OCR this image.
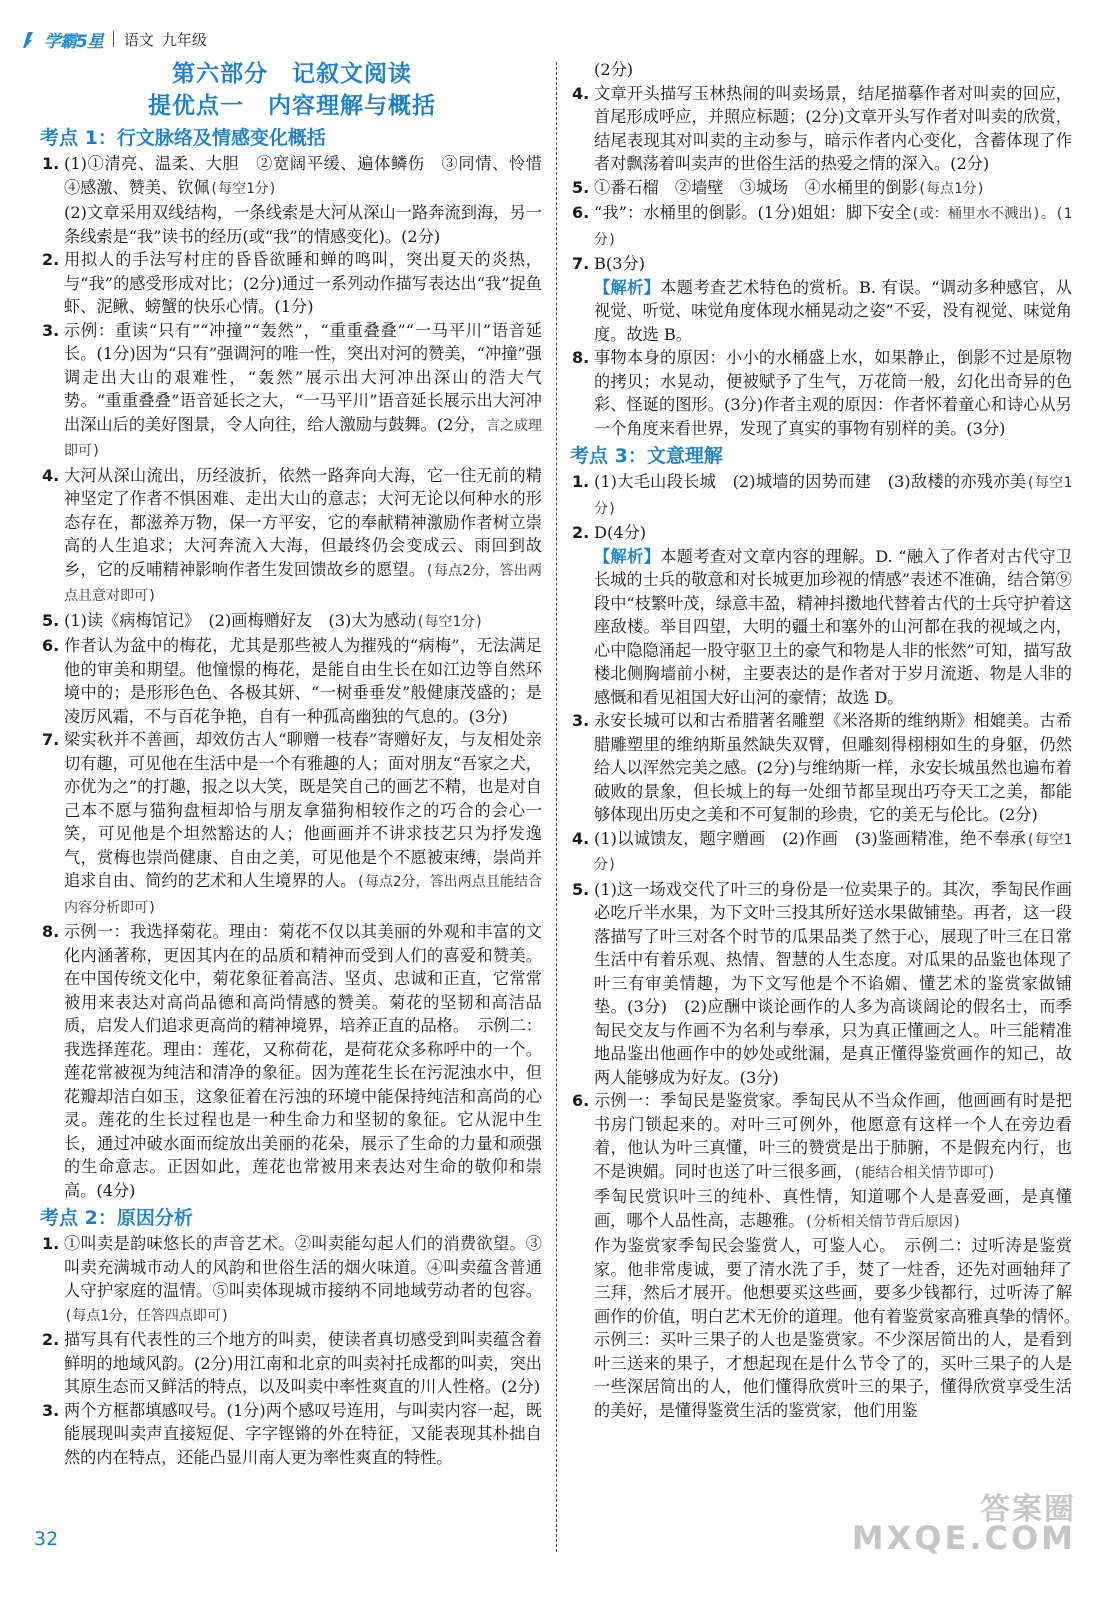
学霸5星 语文 九年级
第六部分　记叙文阅读
提优点一　内容理解与概括
考点 1：行文脉络及情感变化概括
1. (1)①清亮、温柔、大胆　②宽阔平缓、遍体鳞伤　③同情、怜惜　④感激、赞美、钦佩(每空1分)

(2)文章采用双线结构，一条线索是大河从深山一路奔流到海，另一条线索是“我”读书的经历(或“我”的情感变化)。(2分)

2. 用拟人的手法写村庄的昏昏欲睡和蝉的鸣叫，突出夏天的炎热，与“我”的感受形成对比；(2分)通过一系列动作描写表达出“我”捉鱼虾、泥鳅、螃蟹的快乐心情。(1分)

3. 示例：重读“只有”“冲撞”“轰然”，“重重叠叠”“一马平川”语音延长。(1分)因为“只有”强调河的唯一性，突出对河的赞美，“冲撞”强调走出大山的艰难性，“轰然”展示出大河冲出深山的浩大气势。“重重叠叠”语音延长之大，“一马平川”语音延长展示出大河冲出深山后的美好图景，令人向往，给人激励与鼓舞。(2分，言之成理即可)

4. 大河从深山流出，历经波折，依然一路奔向大海，它一往无前的精神坚定了作者不惧困难、走出大山的意志；大河无论以何种水的形态存在，都滋养万物，保一方平安，它的奉献精神激励作者树立崇高的人生追求；大河奔流入大海，但最终仍会变成云、雨回到故乡，它的反哺精神影响作者生发回馈故乡的愿望。(每点2分，答出两点且意对即可)

5. (1)读《病梅馆记》　(2)画梅赠好友　(3)大为感动(每空1分)

6. 作者认为盆中的梅花，尤其是那些被人为摧残的“病梅”，无法满足他的审美和期望。他憧憬的梅花，是能自由生长在如江边等自然环境中的；是形形色色、各极其妍、“一树垂垂发”般健康茂盛的；是凌厉风霜，不与百花争艳，自有一种孤高幽独的气息的。(3分)

7. 梁实秋并不善画，却效仿古人“聊赠一枝春”寄赠好友，与友相处亲切有趣，可见他在生活中是一个有雅趣的人；面对朋友“吾家之犬，亦优为之”的打趣，报之以大笑，既是笑自己的画艺不精，也是对自己本不愿与猫狗盘桓却恰与朋友拿猫狗相较作之的巧合的会心一笑，可见他是个坦然豁达的人；他画画并不讲求技艺只为抒发逸气，赏梅也崇尚健康、自由之美，可见他是个不愿被束缚，崇尚并追求自由、简约的艺术和人生境界的人。(每点2分，答出两点且能结合内容分析即可)

8. 示例一：我选择菊花。理由：菊花不仅以其美丽的外观和丰富的文化内涵著称，更因其内在的品质和精神而受到人们的喜爱和赞美。在中国传统文化中，菊花象征着高洁、坚贞、忠诚和正直，它常常被用来表达对高尚品德和高尚情感的赞美。菊花的坚韧和高洁品质，启发人们追求更高尚的精神境界，培养正直的品格。　示例二：我选择莲花。理由：莲花，又称荷花，是荷花众多称呼中的一个。莲花常被视为纯洁和清净的象征。因为莲花生长在污泥浊水中，但花瓣却洁白如玉，这象征着在污浊的环境中能保持纯洁和高尚的心灵。莲花的生长过程也是一种生命力和坚韧的象征。它从泥中生长，通过冲破水面而绽放出美丽的花朵，展示了生命的力量和顽强的生命意志。正因如此，莲花也常被用来表达对生命的敬仰和崇高。(4分)

考点 2：原因分析
1. ①叫卖是韵味悠长的声音艺术。②叫卖能勾起人们的消费欲望。③叫卖充满城市动人的风韵和世俗生活的烟火味道。④叫卖蕴含普通人守护家庭的温情。⑤叫卖体现城市接纳不同地域劳动者的包容。(每点1分，任答四点即可)

2. 描写具有代表性的三个地方的叫卖，使读者真切感受到叫卖蕴含着鲜明的地域风韵。(2分)用江南和北京的叫卖衬托成都的叫卖，突出其原生态而又鲜活的特点，以及叫卖中率性爽直的川人性格。(2分)

3. 两个方框都填感叹号。(1分)两个感叹号连用，与叫卖内容一起，既能展现叫卖声直接短促、字字铿锵的外在特征，又能表现其朴拙自然的内在特点，还能凸显川南人更为率性爽直的特性。

(2分)

4. 文章开头描写玉林热闹的叫卖场景，结尾描摹作者对叫卖的回应，首尾形成呼应，并照应标题；(2分)文章开头写作者对叫卖的欣赏，结尾表现其对叫卖的主动参与，暗示作者内心变化，含蓄体现了作者对飘荡着叫卖声的世俗生活的热爱之情的深入。(2分)

5. ①番石榴　②墙壁　③城场　④水桶里的倒影(每点1分)

6. “我”：水桶里的倒影。(1分)姐姐：脚下安全(或：桶里水不溅出)。(1分)

7. B(3分)

【解析】本题考查艺术特色的赏析。B. 有误。“调动多种感官，从视觉、听觉、味觉角度体现水桶晃动之姿”不妥，没有视觉、味觉角度。故选 B。

8. 事物本身的原因：小小的水桶盛上水，如果静止，倒影不过是原物的拷贝；水晃动，便被赋予了生气，万花筒一般，幻化出奇异的色彩、怪诞的图形。(3分)作者主观的原因：作者怀着童心和诗心从另一个角度来看世界，发现了真实的事物有别样的美。(3分)

考点 3：文意理解
1. (1)大毛山段长城　(2)城墙的因势而建　(3)敌楼的亦残亦美(每空1分)

2. D(4分)

【解析】本题考查对文章内容的理解。D. “融入了作者对古代守卫长城的士兵的敬意和对长城更加珍视的情感”表述不准确，结合第⑨段中“枝繁叶茂，绿意丰盈，精神抖擞地代替着古代的士兵守护着这座敌楼。举目四望，大明的疆土和塞外的山河都在我的视域之内，心中隐隐涌起一股守驱卫土的豪气和物是人非的怅然”可知，描写敌楼北侧胸墙前小树，主要表达的是作者对于岁月流逝、物是人非的感慨和看见祖国大好山河的豪情；故选 D。

3. 永安长城可以和古希腊著名雕塑《米洛斯的维纳斯》相媲美。古希腊雕塑里的维纳斯虽然缺失双臂，但雕刻得栩栩如生的身躯，仍然给人以浑然完美之感。(2分)与维纳斯一样，永安长城虽然也遍布着破败的景象，但长城上的每一处细节都呈现出巧夺天工之美，都能够体现出历史之美和不可复制的珍贵，它的美无与伦比。(2分)

4. (1)以诚馈友，题字赠画　(2)作画　(3)鉴画精准，绝不奉承(每空1分)

5. (1)这一场戏交代了叶三的身份是一位卖果子的。其次，季匋民作画必吃斤半水果，为下文叶三投其所好送水果做铺垫。再者，这一段落描写了叶三对各个时节的瓜果品类了然于心，展现了叶三在日常生活中有着乐观、热情、智慧的人生态度。对瓜果的品鉴也体现了叶三有审美情趣，为下文写他是个不谄媚、懂艺术的鉴赏家做铺垫。(3分)　(2)应酬中谈论画作的人多为高谈阔论的假名士，而季匋民交友与作画不为名利与奉承，只为真正懂画之人。叶三能精准地品鉴出他画作中的妙处或纰漏，是真正懂得鉴赏画作的知己，故两人能够成为好友。(3分)

6. 示例一：季匋民是鉴赏家。季匋民从不当众作画，他画画有时是把书房门锁起来的。对叶三可例外，他愿意有这样一个人在旁边看着，他认为叶三真懂，叶三的赞赏是出于肺腑，不是假充内行，也不是谀媚。同时也送了叶三很多画，(能结合相关情节即可)

季匋民赏识叶三的纯朴、真性情，知道哪个人是喜爱画，是真懂画，哪个人品性高，志趣雅。(分析相关情节背后原因)

作为鉴赏家季匋民会鉴赏人，可鉴人心。　示例二：过听涛是鉴赏家。他非常虔诚，要了清水洗了手，焚了一炷香，还先对画轴拜了三拜，然后才展开。他想要买这些画，要多少钱都行，过听涛了解画作的价值，明白艺术无价的道理。他有着鉴赏家高雅真挚的情怀。　示例三：买叶三果子的人也是鉴赏家。不少深居简出的人，是看到叶三送来的果子，才想起现在是什么节令了的，买叶三果子的人是一些深居简出的人，他们懂得欣赏叶三的果子，懂得欣赏享受生活的美好，是懂得鉴赏生活的鉴赏家，他们用鉴

32
答案圈
MXQE.COM
